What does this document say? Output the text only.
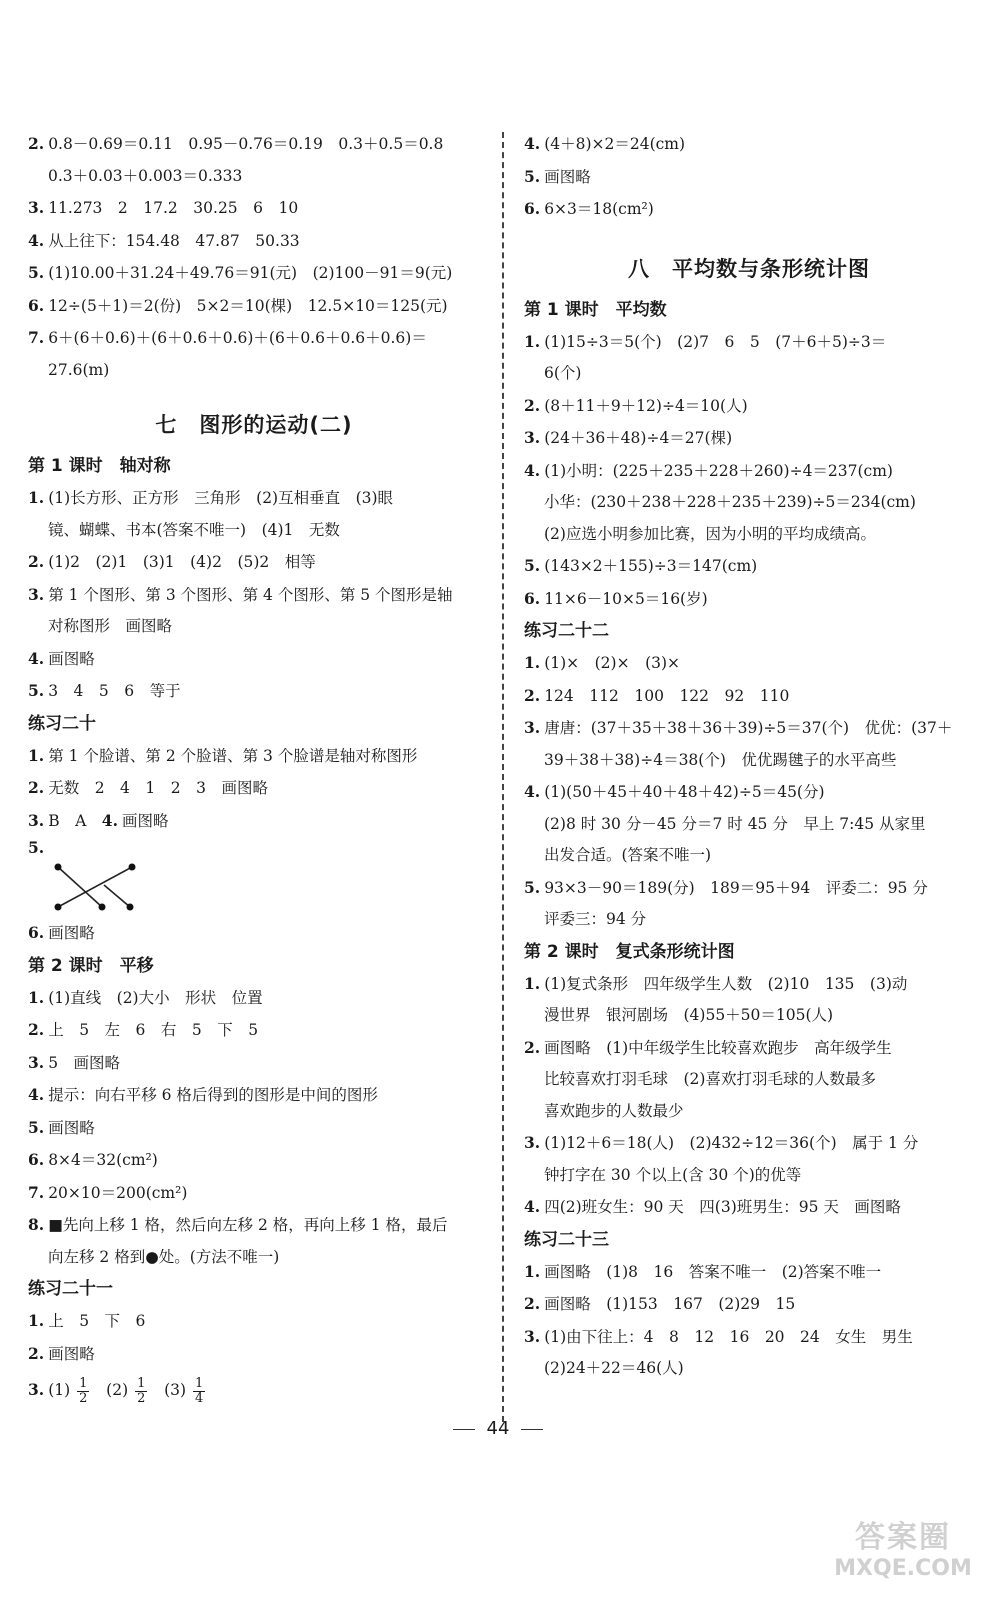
2. 0.8－0.69＝0.11　0.95－0.76＝0.19　0.3＋0.5＝0.8
0.3＋0.03＋0.003＝0.333
3. 11.273　2　17.2　30.25　6　10
4. 从上往下：154.48　47.87　50.33
5. (1)10.00＋31.24＋49.76＝91(元)　(2)100－91＝9(元)
6. 12÷(5＋1)＝2(份)　5×2＝10(棵)　12.5×10＝125(元)
7. 6＋(6＋0.6)＋(6＋0.6＋0.6)＋(6＋0.6＋0.6＋0.6)＝
27.6(m)
七　图形的运动(二)
第 1 课时　轴对称
1. (1)长方形、正方形　三角形　(2)互相垂直　(3)眼
镜、蝴蝶、书本(答案不唯一)　(4)1　无数
2. (1)2　(2)1　(3)1　(4)2　(5)2　相等
3. 第 1 个图形、第 3 个图形、第 4 个图形、第 5 个图形是轴
对称图形　画图略
4. 画图略
5. 3　4　5　6　等于
练习二十
1. 第 1 个脸谱、第 2 个脸谱、第 3 个脸谱是轴对称图形
2. 无数　2　4　1　2　3　画图略
3. B　A　4. 画图略
5.
6. 画图略
第 2 课时　平移
1. (1)直线　(2)大小　形状　位置
2. 上　5　左　6　右　5　下　5
3. 5　画图略
4. 提示：向右平移 6 格后得到的图形是中间的图形
5. 画图略
6. 8×4＝32(cm²)
7. 20×10＝200(cm²)
8. ■先向上移 1 格，然后向左移 2 格，再向上移 1 格，最后
向左移 2 格到●处。(方法不唯一)
练习二十一
1. 上　5　下　6
2. 画图略
3. $(1) \frac{1}{2} (2) \frac{1}{2} (3) \frac{1}{4}$
4. (4＋8)×2＝24(cm)
5. 画图略
6. 6×3＝18(cm²)
八　平均数与条形统计图
第 1 课时　平均数
1. (1)15÷3＝5(个)　(2)7　6　5　(7＋6＋5)÷3＝
6(个)
2. (8＋11＋9＋12)÷4＝10(人)
3. (24＋36＋48)÷4＝27(棵)
4. (1)小明：(225＋235＋228＋260)÷4＝237(cm)
小华：(230＋238＋228＋235＋239)÷5＝234(cm)
(2)应选小明参加比赛，因为小明的平均成绩高。
5. (143×2＋155)÷3＝147(cm)
6. 11×6－10×5＝16(岁)
练习二十二
1. (1)×　(2)×　(3)×
2. 124　112　100　122　92　110
3. 唐唐：(37＋35＋38＋36＋39)÷5＝37(个)　优优：(37＋
39＋38＋38)÷4＝38(个)　优优踢毽子的水平高些
4. (1)(50＋45＋40＋48＋42)÷5＝45(分)
(2)8 时 30 分－45 分＝7 时 45 分　早上 7:45 从家里
出发合适。(答案不唯一)
5. 93×3－90＝189(分)　189＝95＋94　评委二：95 分
评委三：94 分
第 2 课时　复式条形统计图
1. (1)复式条形　四年级学生人数　(2)10　135　(3)动
漫世界　银河剧场　(4)55＋50＝105(人)
2. 画图略　(1)中年级学生比较喜欢跑步　高年级学生
比较喜欢打羽毛球　(2)喜欢打羽毛球的人数最多
喜欢跑步的人数最少
3. (1)12＋6＝18(人)　(2)432÷12＝36(个)　属于 1 分
钟打字在 30 个以上(含 30 个)的优等
4. 四(2)班女生：90 天　四(3)班男生：95 天　画图略
练习二十三
1. 画图略　(1)8　16　答案不唯一　(2)答案不唯一
2. 画图略　(1)153　167　(2)29　15
3. (1)由下往上：4　8　12　16　20　24　女生　男生
(2)24＋22＝46(人)
44
答案圈
MXQE.COM
